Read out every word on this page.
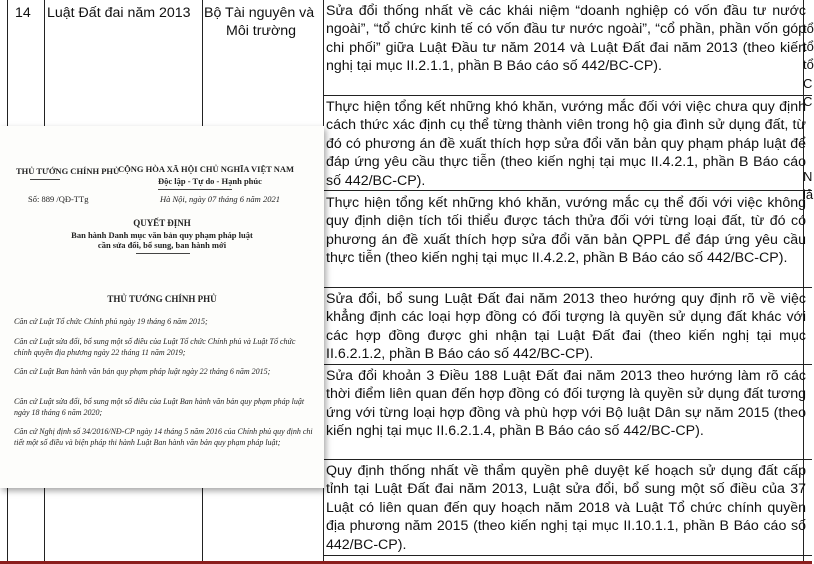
14	Luật Đất đai năm 2013 Bộ Tài nguyên và
Môi trường
Sửa đổi thống nhất về các khái niệm “doanh nghiệp có vốn đầu tư nước ngoài”, “tổ chức kinh tế có vốn đầu tư nước ngoài”, “cổ phần, phần vốn góp chi phối” giữa Luật Đầu tư năm 2014 và Luật Đất đai năm 2013 (theo kiến nghị tại mục II.2.1.1, phần B Báo cáo số 442/BC-CP).
Thực hiện tổng kết những khó khăn, vướng mắc đối với việc chưa quy định cách thức xác định cụ thể từng thành viên trong hộ gia đình sử dụng đất, từ đó có phương án đề xuất thích hợp sửa đổi văn bản quy phạm pháp luật để đáp ứng yêu cầu thực tiễn (theo kiến nghị tại mục II.4.2.1, phần B Báo cáo số 442/BC-CP).
Thực hiện tổng kết những khó khăn, vướng mắc cụ thể đối với việc không quy định diện tích tối thiểu được tách thửa đối với từng loại đất, từ đó có phương án đề xuất thích hợp sửa đổi văn bản QPPL để đáp ứng yêu cầu thực tiễn (theo kiến nghị tại mục II.4.2.2, phần B Báo cáo số 442/BC-CP).
Sửa đổi, bổ sung Luật Đất đai năm 2013 theo hướng quy định rõ về việc khẳng định các loại hợp đồng có đối tượng là quyền sử dụng đất khác với các hợp đồng được ghi nhận tại Luật Đất đai (theo kiến nghị tại mục II.6.2.1.2, phần B Báo cáo số 442/BC-CP).
Sửa đổi khoản 3 Điều 188 Luật Đất đai năm 2013 theo hướng làm rõ các thời điểm liên quan đến hợp đồng có đối tượng là quyền sử dụng đất tương ứng với từng loại hợp đồng và phù hợp với Bộ luật Dân sự năm 2015 (theo kiến nghị tại mục II.6.2.1.4, phần B Báo cáo số 442/BC-CP).
Quy định thống nhất về thẩm quyền phê duyệt kế hoạch sử dụng đất cấp tỉnh tại Luật Đất đai năm 2013, Luật sửa đổi, bổ sung một số điều của 37 Luật có liên quan đến quy hoạch năm 2018 và Luật Tổ chức chính quyền địa phương năm 2015 (theo kiến nghị tại mục II.10.1.1, phần B Báo cáo số 442/BC-CP).
tổ
tổ
tổ
C
C
N
lả
THỦ TƯỚNG CHÍNH PHỦ
CỘNG HÒA XÃ HỘI CHỦ NGHĨA VIỆT NAM
Độc lập - Tự do - Hạnh phúc
Số: 889 /QĐ-TTg	Hà Nội, ngày 07 tháng 6 năm 2021
QUYẾT ĐỊNH
Ban hành Danh mục văn bản quy phạm pháp luật
cần sửa đổi, bổ sung, ban hành mới
THỦ TƯỚNG CHÍNH PHỦ
Căn cứ Luật Tổ chức Chính phủ ngày 19 tháng 6 năm 2015;
Căn cứ Luật sửa đổi, bổ sung một số điều của Luật Tổ chức Chính phủ và Luật Tổ chức chính quyền địa phương ngày 22 tháng 11 năm 2019;
Căn cứ Luật Ban hành văn bản quy phạm pháp luật ngày 22 tháng 6 năm 2015;
Căn cứ Luật sửa đổi, bổ sung một số điều của Luật Ban hành văn bản quy phạm pháp luật ngày 18 tháng 6 năm 2020;
Căn cứ Nghị định số 34/2016/NĐ-CP ngày 14 tháng 5 năm 2016 của Chính phủ quy định chi tiết một số điều và biện pháp thi hành Luật Ban hành văn bản quy phạm pháp luật;
